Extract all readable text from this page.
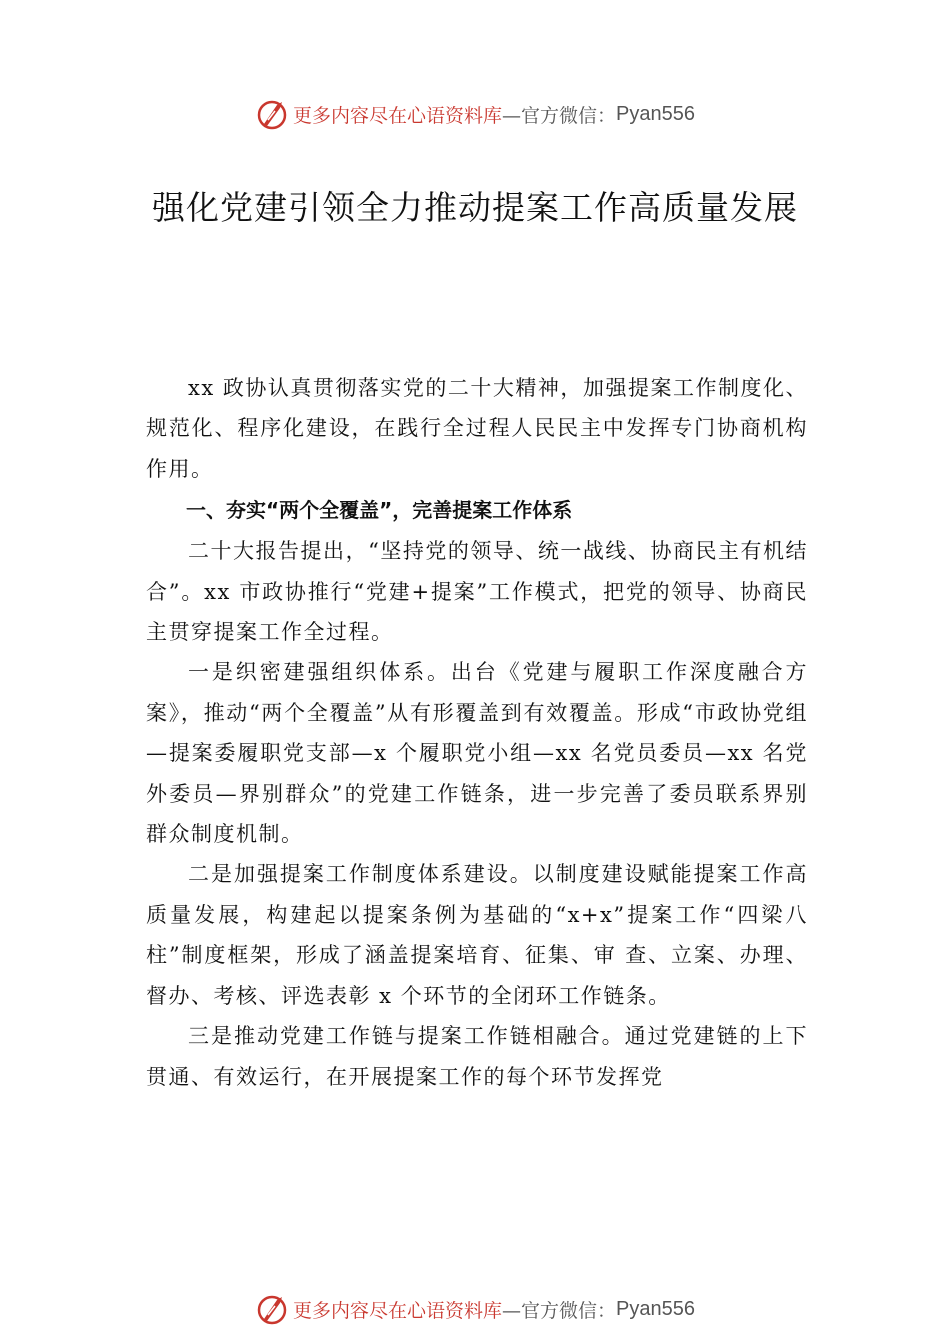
更多内容尽在心语资料库 —官方微信： Pyan556
强化党建引领全力推动提案工作高质量发展

xx 政协认真贯彻落实党的二十大精神，加强提案工作制度化、规范化、程序化建设，在践行全过程人民民主中发挥专门协商机构作用。

一、夯实“两个全覆盖”，完善提案工作体系

二十大报告提出，“坚持党的领导、统一战线、协商民主有机结合”。xx 市政协推行“党建+提案”工作模式，把党的领导、协商民主贯穿提案工作全过程。

一是织密建强组织体系。出台《党建与履职工作深度融合方案》，推动“两个全覆盖”从有形覆盖到有效覆盖。形成“市政协党组—提案委履职党支部—x 个履职党小组—xx 名党员委员—xx 名党外委员—界别群众”的党建工作链条，进一步完善了委员联系界别群众制度机制。

二是加强提案工作制度体系建设。以制度建设赋能提案工作高质量发展，构建起以提案条例为基础的“x+x”提案工作“四梁八柱”制度框架，形成了涵盖提案培育、征集、审 查、立案、办理、督办、考核、评选表彰 x 个环节的全闭环工作链条。

三是推动党建工作链与提案工作链相融合。通过党建链的上下贯通、有效运行，在开展提案工作的每个环节发挥党

更多内容尽在心语资料库 —官方微信： Pyan556
